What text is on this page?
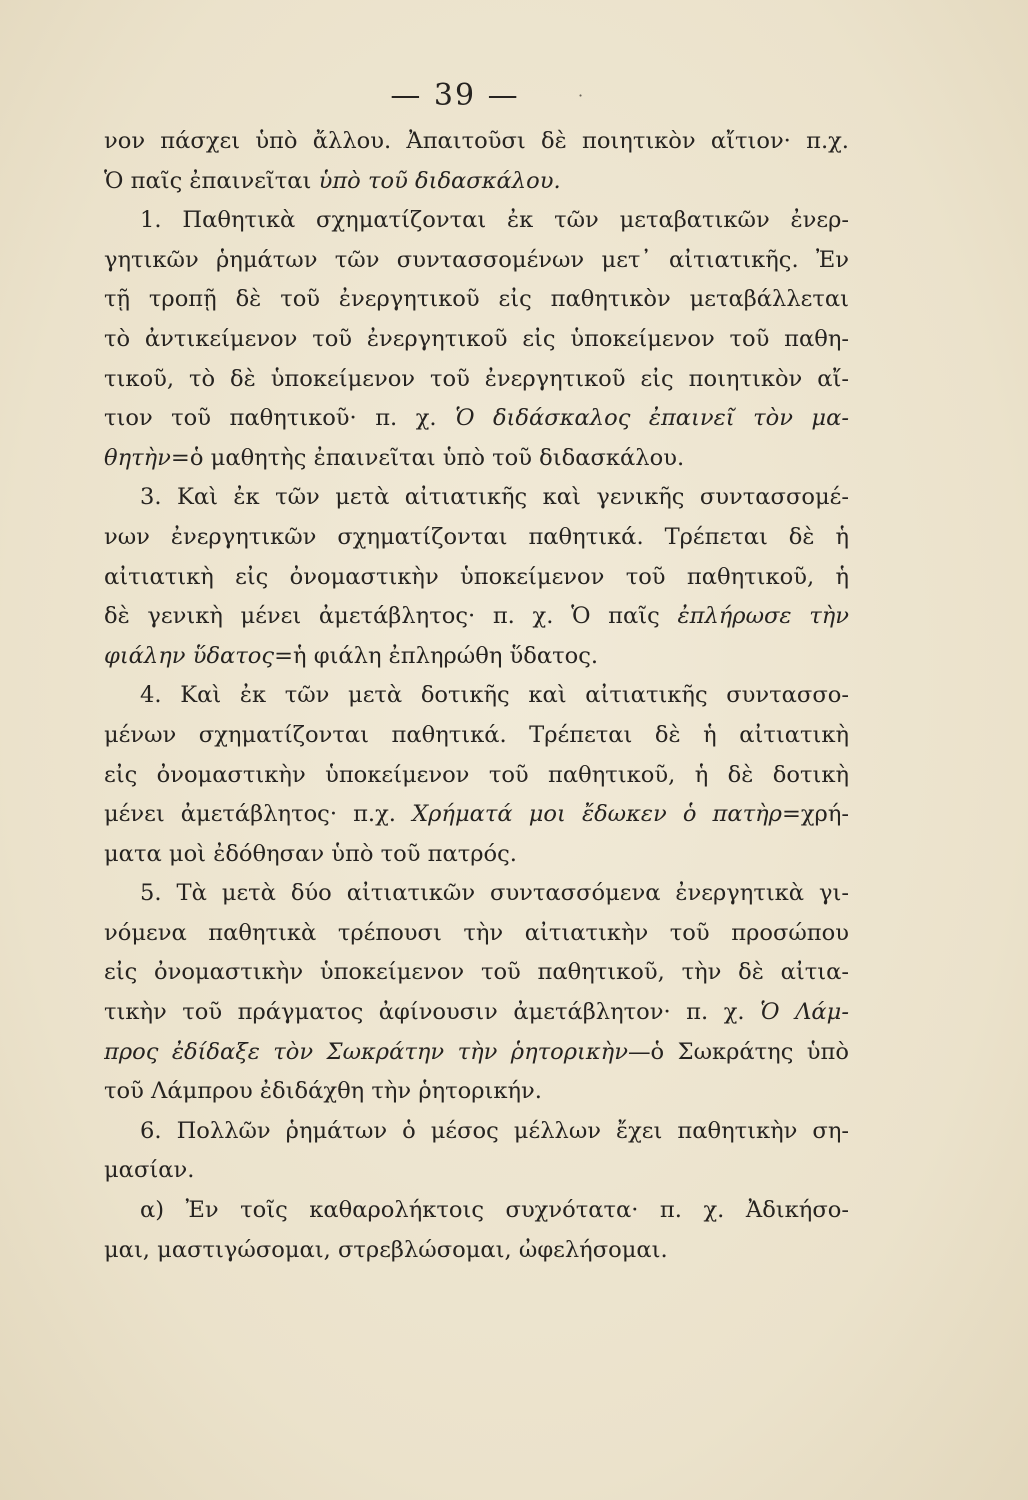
— 39 —	·
νον πάσχει ὑπὸ ἄλλου. Ἀπαιτοῦσι δὲ ποιητικὸν αἴτιον· π.χ.
Ὁ παῖς ἐπαινεῖται ὑπὸ τοῦ διδασκάλου.
1. Παθητικὰ σχηματίζονται ἐκ τῶν μεταβατικῶν ἐνερ-
γητικῶν ῥημάτων τῶν συντασσομένων μετ᾽ αἰτιατικῆς. Ἐν
τῇ τροπῇ δὲ τοῦ ἐνεργητικοῦ εἰς παθητικὸν μεταβάλλεται
τὸ ἀντικείμενον τοῦ ἐνεργητικοῦ εἰς ὑποκείμενον τοῦ παθη-
τικοῦ, τὸ δὲ ὑποκείμενον τοῦ ἐνεργητικοῦ εἰς ποιητικὸν αἴ-
τιον τοῦ παθητικοῦ· π. χ. Ὁ διδάσκαλος ἐπαινεῖ τὸν μα-
θητὴν=ὁ μαθητὴς ἐπαινεῖται ὑπὸ τοῦ διδασκάλου.
3. Καὶ ἐκ τῶν μετὰ αἰτιατικῆς καὶ γενικῆς συντασσομέ-
νων ἐνεργητικῶν σχηματίζονται παθητικά. Τρέπεται δὲ ἡ
αἰτιατικὴ εἰς ὀνομαστικὴν ὑποκείμενον τοῦ παθητικοῦ, ἡ
δὲ γενικὴ μένει ἀμετάβλητος· π. χ. Ὁ παῖς ἐπλήρωσε τὴν
φιάλην ὕδατος=ἡ φιάλη ἐπληρώθη ὕδατος.
4. Καὶ ἐκ τῶν μετὰ δοτικῆς καὶ αἰτιατικῆς συντασσο-
μένων σχηματίζονται παθητικά. Τρέπεται δὲ ἡ αἰτιατικὴ
εἰς ὀνομαστικὴν ὑποκείμενον τοῦ παθητικοῦ, ἡ δὲ δοτικὴ
μένει ἀμετάβλητος· π.χ. Χρήματά μοι ἔδωκεν ὁ πατὴρ=χρή-
ματα μοὶ ἐδόθησαν ὑπὸ τοῦ πατρός.
5. Τὰ μετὰ δύο αἰτιατικῶν συντασσόμενα ἐνεργητικὰ γι-
νόμενα παθητικὰ τρέπουσι τὴν αἰτιατικὴν τοῦ προσώπου
εἰς ὀνομαστικὴν ὑποκείμενον τοῦ παθητικοῦ, τὴν δὲ αἰτια-
τικὴν τοῦ πράγματος ἀφίνουσιν ἀμετάβλητον· π. χ. Ὁ Λάμ-
προς ἐδίδαξε τὸν Σωκράτην τὴν ῥητορικὴν—ὁ Σωκράτης ὑπὸ
τοῦ Λάμπρου ἐδιδάχθη τὴν ῥητορικήν.
6. Πολλῶν ῥημάτων ὁ μέσος μέλλων ἔχει παθητικὴν ση-
μασίαν.
α) Ἐν τοῖς καθαρολήκτοις συχνότατα· π. χ. Ἀδικήσο-
μαι, μαστιγώσομαι, στρεβλώσομαι, ὠφελήσομαι.
